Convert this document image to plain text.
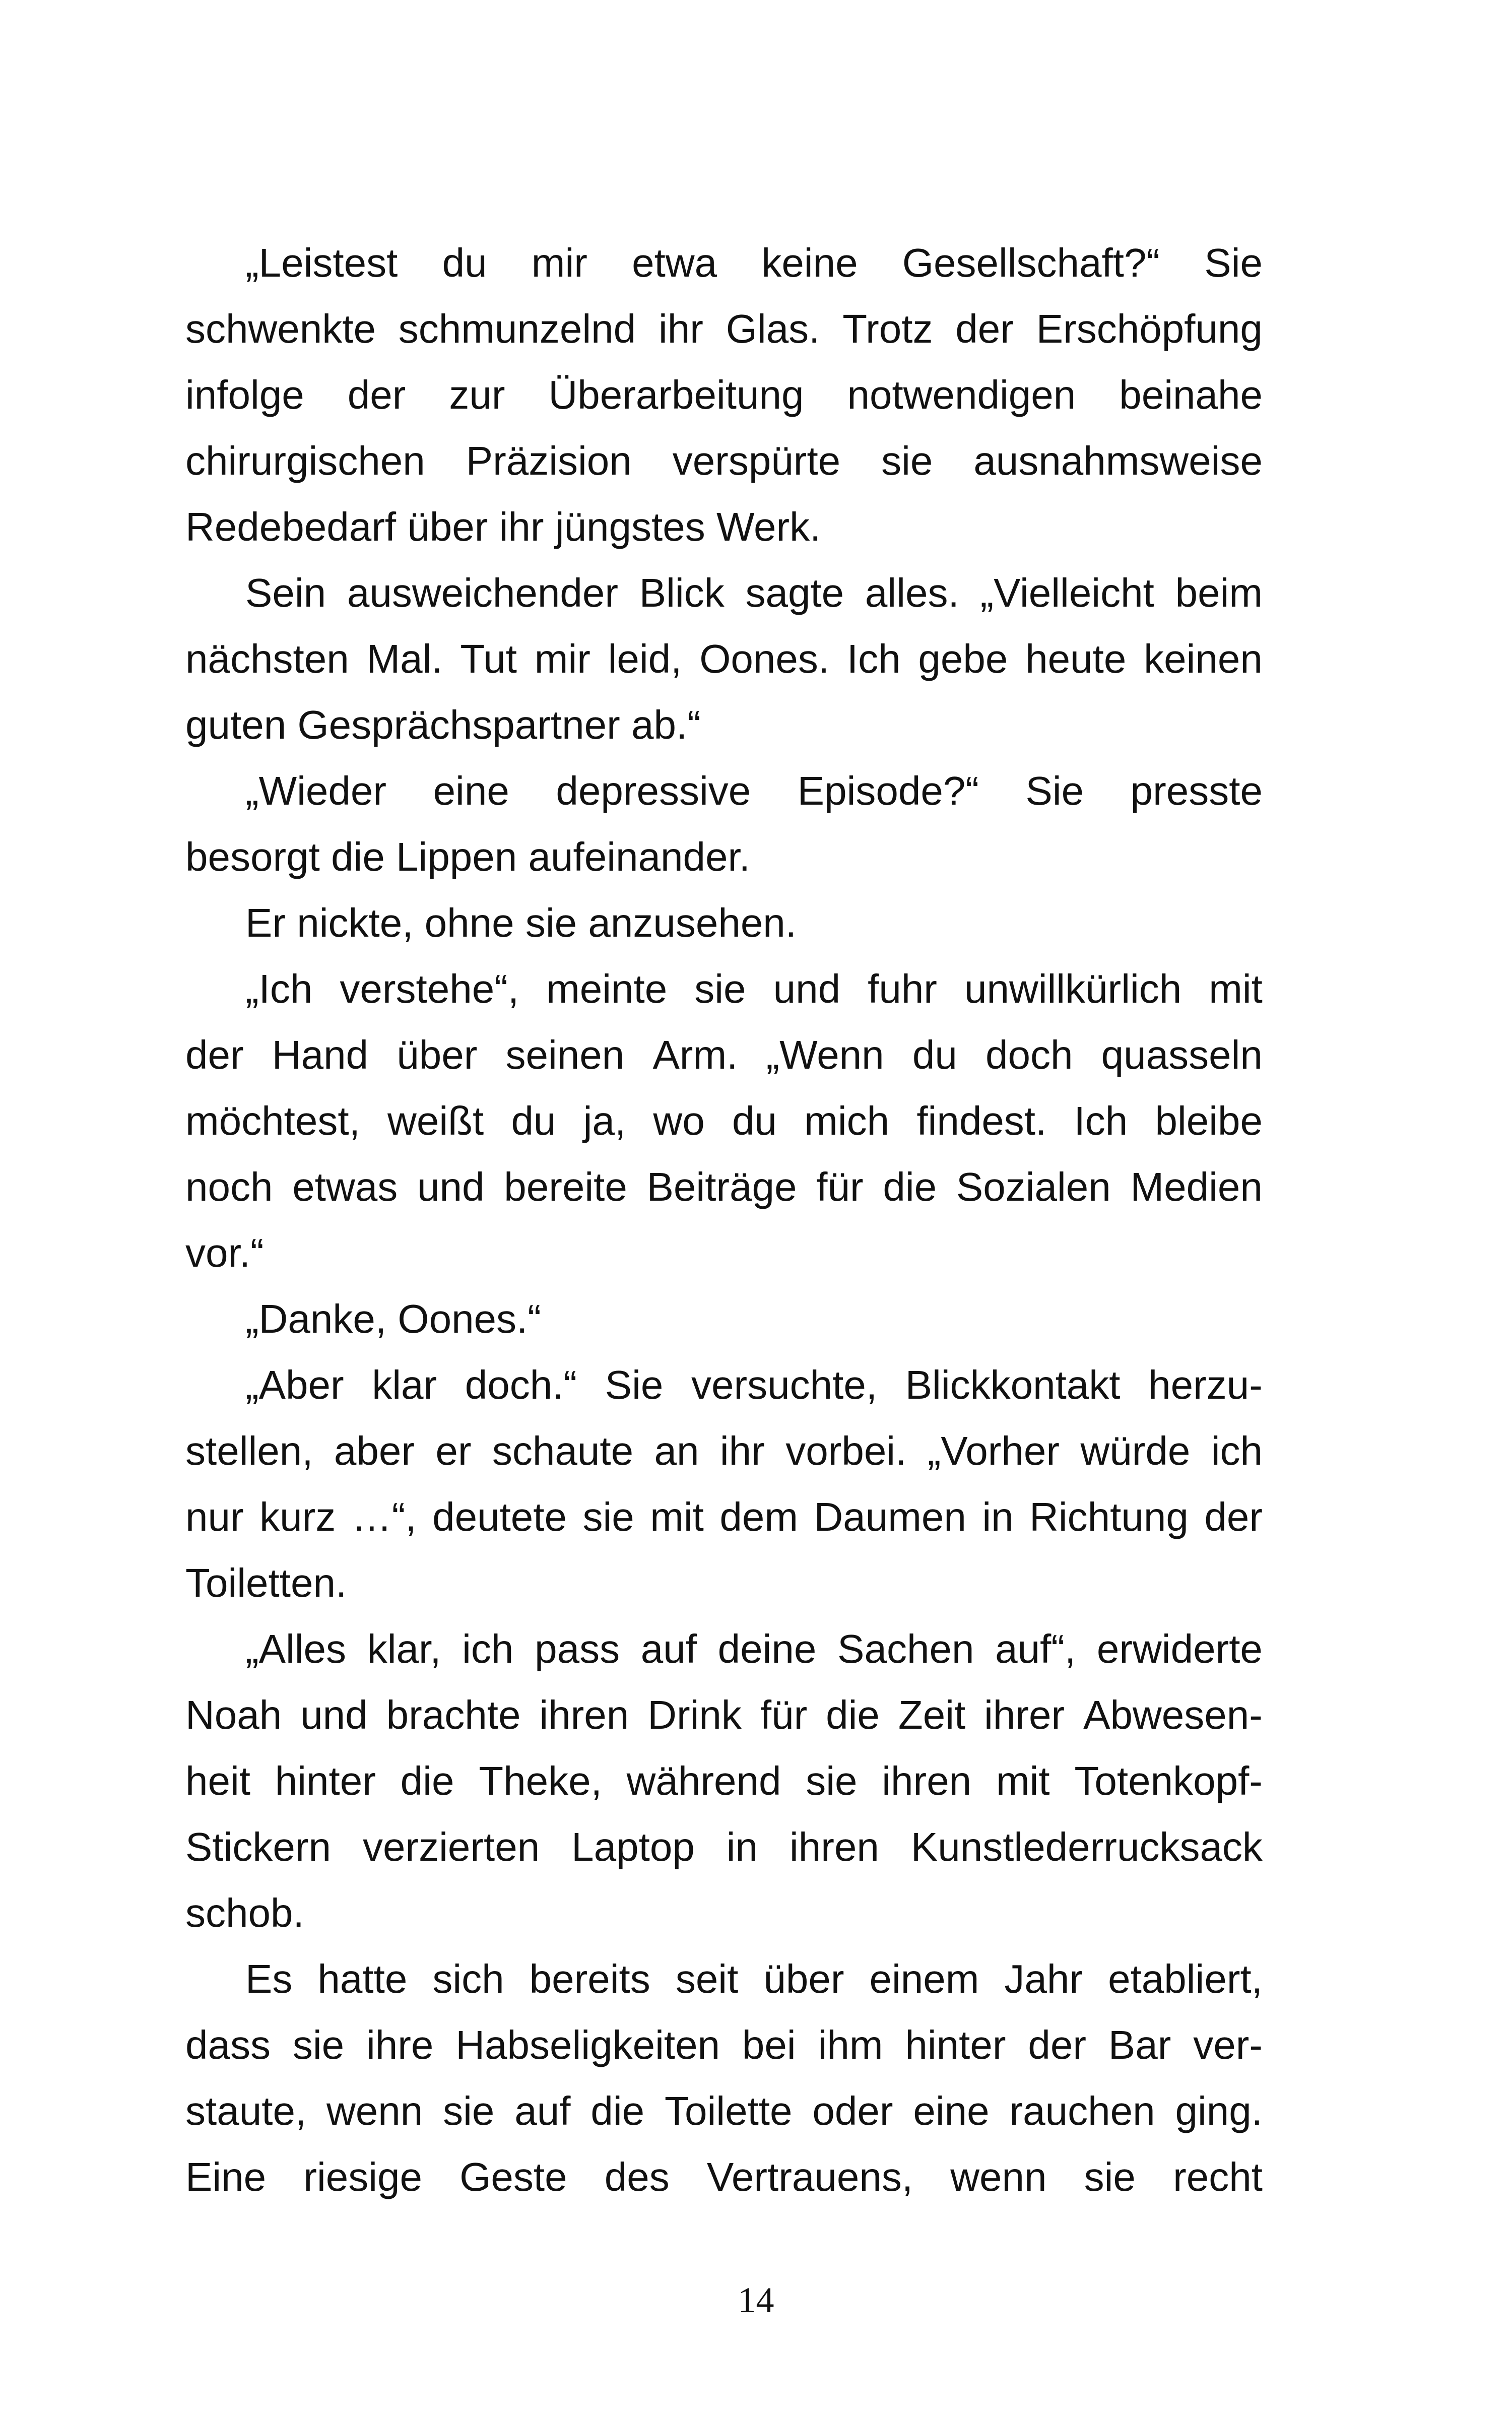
„Leistest du mir etwa keine Gesellschaft?“ Sie
schwenkte schmunzelnd ihr Glas. Trotz der Erschöpfung
infolge der zur Überarbeitung notwendigen beinahe
chirurgischen Präzision verspürte sie ausnahmsweise
Redebedarf über ihr jüngstes Werk.
Sein ausweichender Blick sagte alles. „Vielleicht beim
nächsten Mal. Tut mir leid, Oones. Ich gebe heute keinen
guten Gesprächspartner ab.“
„Wieder eine depressive Episode?“ Sie presste
besorgt die Lippen aufeinander.
Er nickte, ohne sie anzusehen.
„Ich verstehe“, meinte sie und fuhr unwillkürlich mit
der Hand über seinen Arm. „Wenn du doch quasseln
möchtest, weißt du ja, wo du mich findest. Ich bleibe
noch etwas und bereite Beiträge für die Sozialen Medien
vor.“
„Danke, Oones.“
„Aber klar doch.“ Sie versuchte, Blickkontakt herzu-
stellen, aber er schaute an ihr vorbei. „Vorher würde ich
nur kurz …“, deutete sie mit dem Daumen in Richtung der
Toiletten.
„Alles klar, ich pass auf deine Sachen auf“, erwiderte
Noah und brachte ihren Drink für die Zeit ihrer Abwesen-
heit hinter die Theke, während sie ihren mit Totenkopf-
Stickern verzierten Laptop in ihren Kunstlederrucksack
schob.
Es hatte sich bereits seit über einem Jahr etabliert,
dass sie ihre Habseligkeiten bei ihm hinter der Bar ver-
staute, wenn sie auf die Toilette oder eine rauchen ging.
Eine riesige Geste des Vertrauens, wenn sie recht
14
